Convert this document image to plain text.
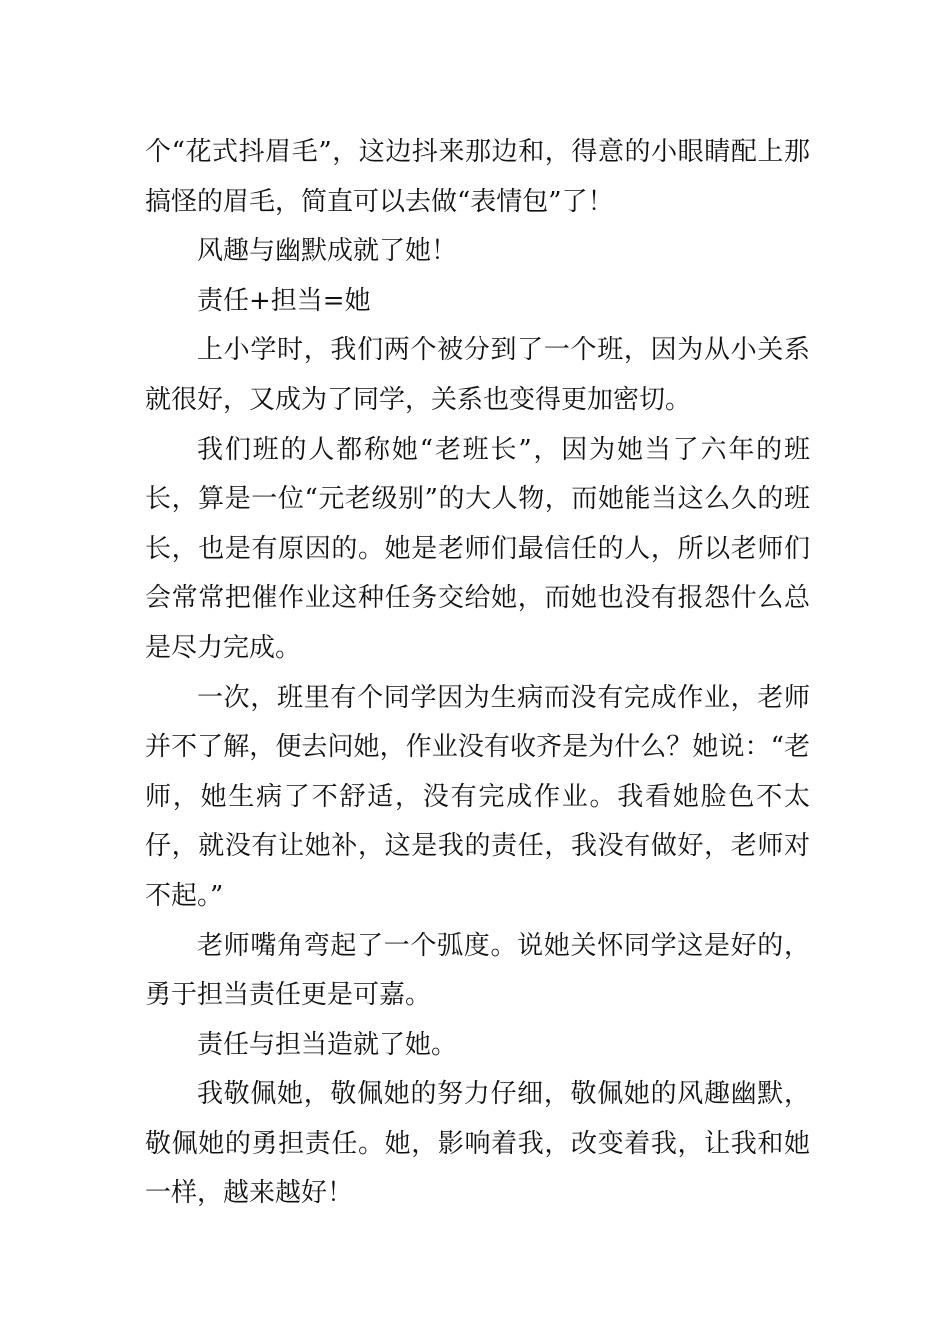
个“花式抖眉毛”，这边抖来那边和，得意的小眼睛配上那搞怪的眉毛，简直可以去做“表情包”了！

风趣与幽默成就了她！

责任+担当=她

上小学时，我们两个被分到了一个班，因为从小关系就很好，又成为了同学，关系也变得更加密切。

我们班的人都称她“老班长”，因为她当了六年的班长，算是一位“元老级别”的大人物，而她能当这么久的班长，也是有原因的。她是老师们最信任的人，所以老师们会常常把催作业这种任务交给她，而她也没有报怨什么总是尽力完成。

一次，班里有个同学因为生病而没有完成作业，老师并不了解，便去问她，作业没有收齐是为什么？她说：“老师，她生病了不舒适，没有完成作业。我看她脸色不太仔，就没有让她补，这是我的责任，我没有做好，老师对不起。”

老师嘴角弯起了一个弧度。说她关怀同学这是好的，勇于担当责任更是可嘉。

责任与担当造就了她。

我敬佩她，敬佩她的努力仔细，敬佩她的风趣幽默，敬佩她的勇担责任。她，影响着我，改变着我，让我和她一样，越来越好！
